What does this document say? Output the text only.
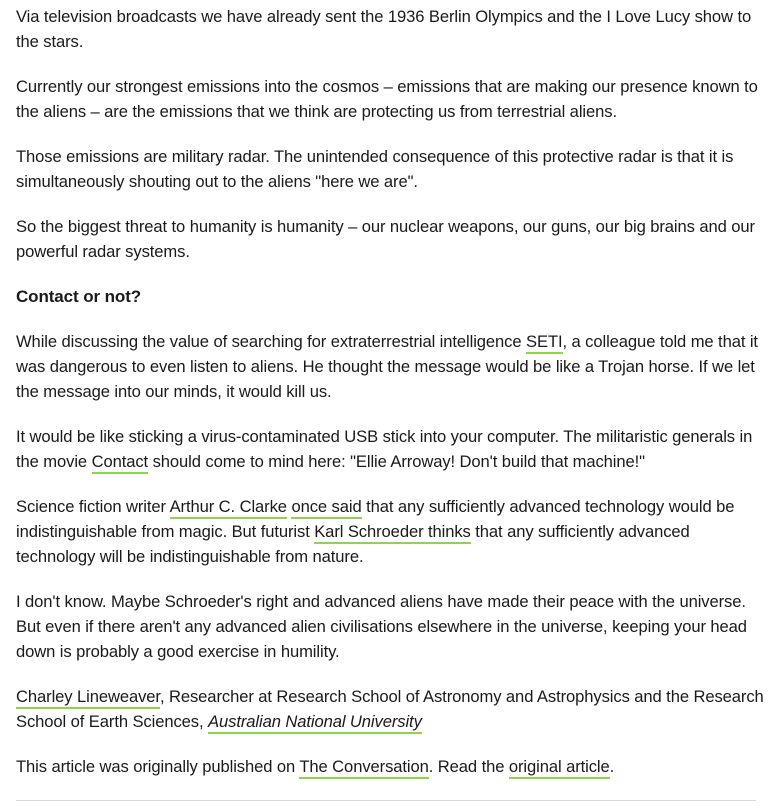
Via television broadcasts we have already sent the 1936 Berlin Olympics and the I Love Lucy show to the stars.

Currently our strongest emissions into the cosmos – emissions that are making our presence known to the aliens – are the emissions that we think are protecting us from terrestrial aliens.

Those emissions are military radar. The unintended consequence of this protective radar is that it is simultaneously shouting out to the aliens "here we are".

So the biggest threat to humanity is humanity – our nuclear weapons, our guns, our big brains and our powerful radar systems.

Contact or not?

While discussing the value of searching for extraterrestrial intelligence SETI, a colleague told me that it was dangerous to even listen to aliens. He thought the message would be like a Trojan horse. If we let the message into our minds, it would kill us.

It would be like sticking a virus-contaminated USB stick into your computer. The militaristic generals in the movie Contact should come to mind here: "Ellie Arroway! Don't build that machine!"

Science fiction writer Arthur C. Clarke once said that any sufficiently advanced technology would be indistinguishable from magic. But futurist Karl Schroeder thinks that any sufficiently advanced technology will be indistinguishable from nature.

I don't know. Maybe Schroeder's right and advanced aliens have made their peace with the universe. But even if there aren't any advanced alien civilisations elsewhere in the universe, keeping your head down is probably a good exercise in humility.

Charley Lineweaver, Researcher at Research School of Astronomy and Astrophysics and the Research School of Earth Sciences, Australian National University

This article was originally published on The Conversation. Read the original article.
